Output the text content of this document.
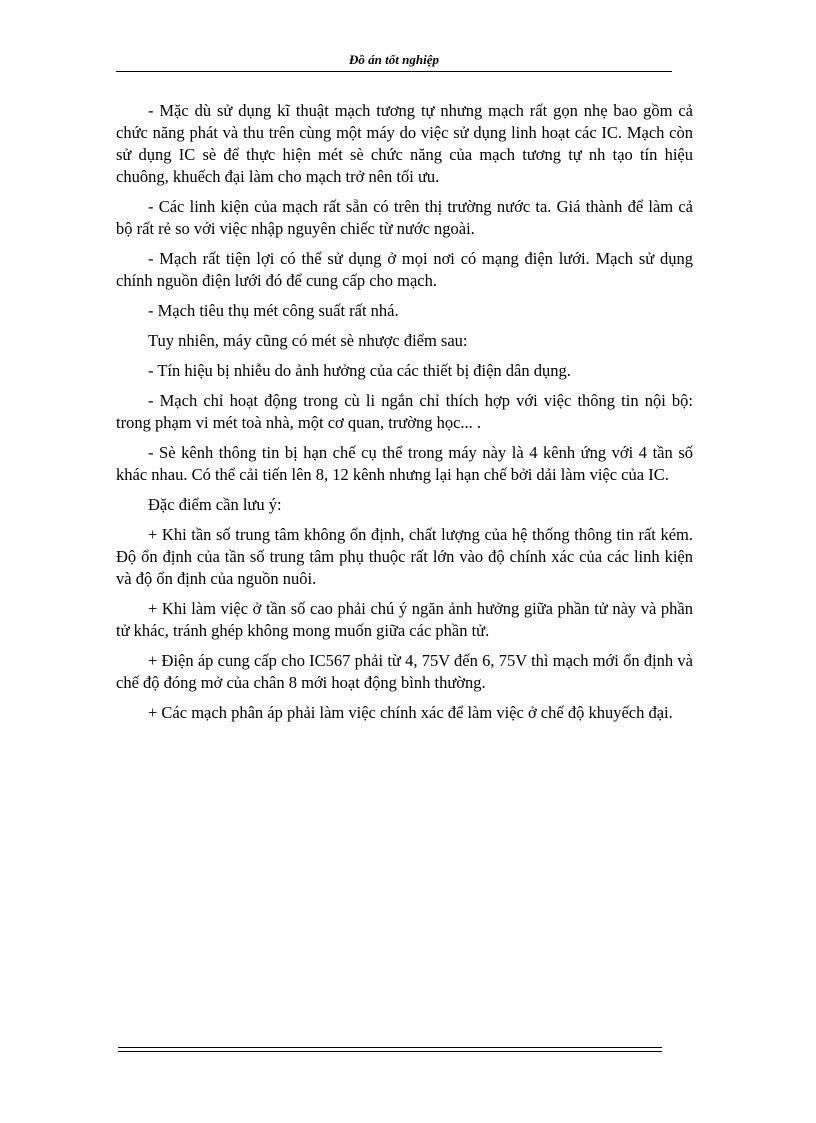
Đồ án tốt nghiệp

- Mặc dù sử dụng kĩ thuật mạch tương tự nhưng mạch rất gọn nhẹ bao gồm cả chức năng phát và thu trên cùng một máy do việc sử dụng linh hoạt các IC. Mạch còn sử dụng IC sè để thực hiện mét sè chức năng của mạch tương tự nh tạo tín hiệu chuông, khuếch đại làm cho mạch trở nên tối ưu.

- Các linh kiện của mạch rất sẵn có trên thị trường nước ta. Giá thành để làm cả bộ rất rẻ so với việc nhập nguyên chiếc từ nước ngoài.

- Mạch rất tiện lợi có thể sử dụng ở mọi nơi có mạng điện lưới. Mạch sử dụng chính nguồn điện lưới đó để cung cấp cho mạch.

- Mạch tiêu thụ mét công suất rất nhá.

Tuy nhiên, máy cũng có mét sè nhược điểm sau:

- Tín hiệu bị nhiễu do ảnh hưởng của các thiết bị điện dân dụng.

- Mạch chỉ hoạt động trong cù li ngắn chỉ thích hợp với việc thông tin nội bộ: trong phạm vi mét toà nhà, một cơ quan, trường học... .

- Sè kênh thông tin bị hạn chế cụ thể trong máy này là 4 kênh ứng với 4 tần số khác nhau. Có thể cải tiến lên 8, 12 kênh nhưng lại hạn chế bởi dải làm việc của IC.

Đặc điểm cần lưu ý:

+ Khi tần số trung tâm không ổn định, chất lượng của hệ thống thông tin rất kém. Độ ổn định của tần số trung tâm phụ thuộc rất lớn vào độ chính xác của các linh kiện và độ ổn định của nguồn nuôi.

+ Khi làm việc ở tần số cao phải chú ý ngăn ảnh hưởng giữa phần tử này và phần tử khác, tránh ghép không mong muốn giữa các phần tử.

+ Điện áp cung cấp cho IC567 phải từ 4, 75V đến 6, 75V thì mạch mới ổn định và chế độ đóng mở của chân 8 mới hoạt động bình thường.

+ Các mạch phân áp phải làm việc chính xác để làm việc ở chế độ khuyếch đại.
